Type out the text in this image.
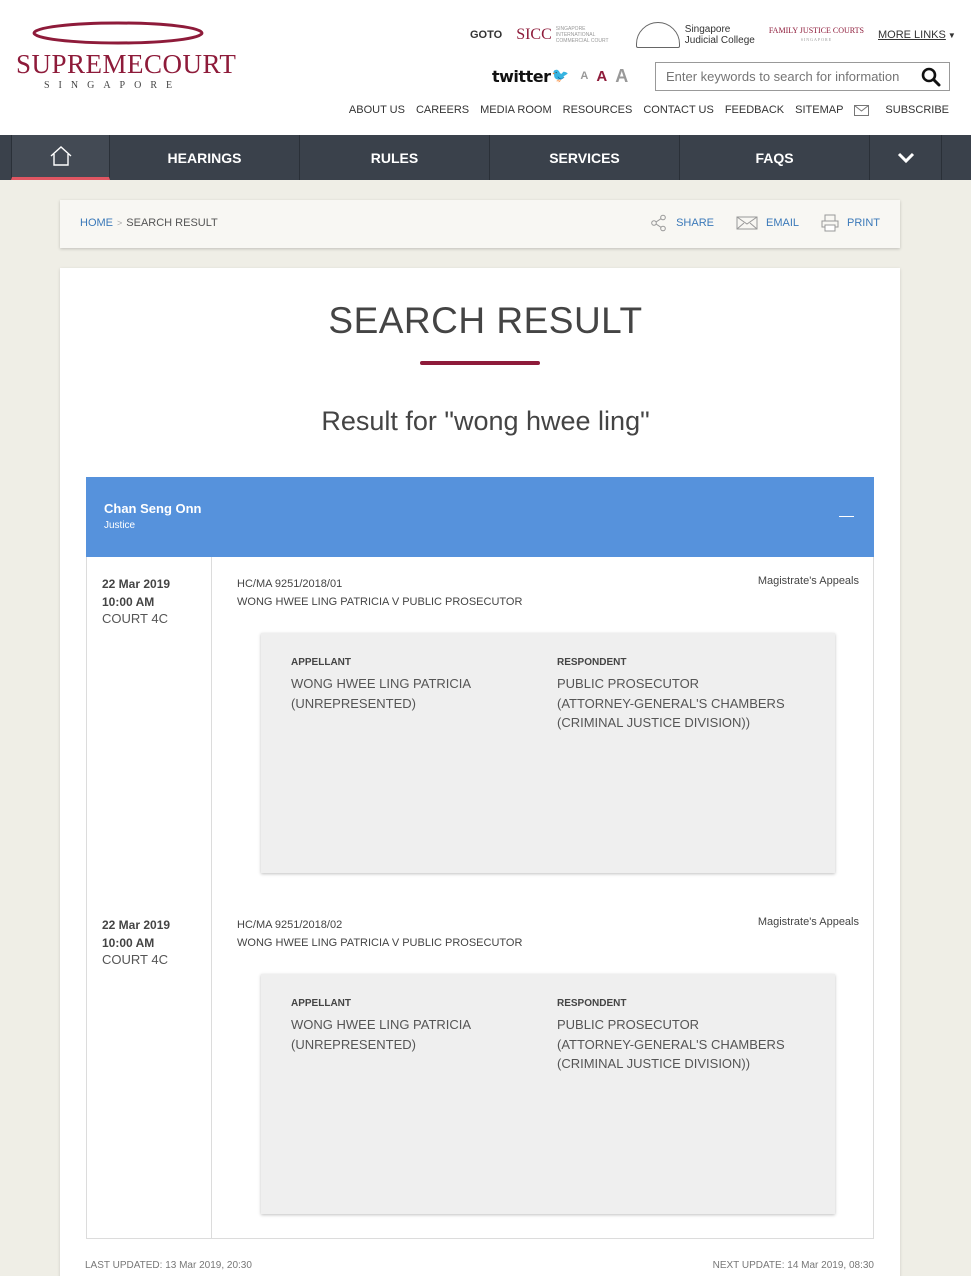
SUPREMECOURT
SINGAPORE
GOTO SICC SINGAPORE INTERNATIONAL COMMERCIAL COURT
Singapore
Judicial College
FAMILY JUSTICE COURTS
SINGAPORE	MORE LINKS ▼
twitter 🐦 A A A
Enter keywords to search for information
ABOUT US CAREERS MEDIA ROOM RESOURCES CONTACT US FEEDBACK SITEMAP	SUBSCRIBE
HEARINGS	RULES	SERVICES	FAQS
HOME > SEARCH RESULT	SHARE	EMAIL	PRINT
SEARCH RESULT
Result for "wong hwee ling"
Chan Seng Onn
Justice
22 Mar 2019
10:00 AM
COURT 4C
HC/MA 9251/2018/01
WONG HWEE LING PATRICIA V PUBLIC PROSECUTOR
Magistrate's Appeals
APPELLANT
WONG HWEE LING PATRICIA
(UNREPRESENTED)
RESPONDENT
PUBLIC PROSECUTOR
(ATTORNEY-GENERAL'S CHAMBERS
(CRIMINAL JUSTICE DIVISION))
22 Mar 2019
10:00 AM
COURT 4C
HC/MA 9251/2018/02
WONG HWEE LING PATRICIA V PUBLIC PROSECUTOR
Magistrate's Appeals
APPELLANT
WONG HWEE LING PATRICIA
(UNREPRESENTED)
RESPONDENT
PUBLIC PROSECUTOR
(ATTORNEY-GENERAL'S CHAMBERS
(CRIMINAL JUSTICE DIVISION))
LAST UPDATED: 13 Mar 2019, 20:30	NEXT UPDATE: 14 Mar 2019, 08:30
